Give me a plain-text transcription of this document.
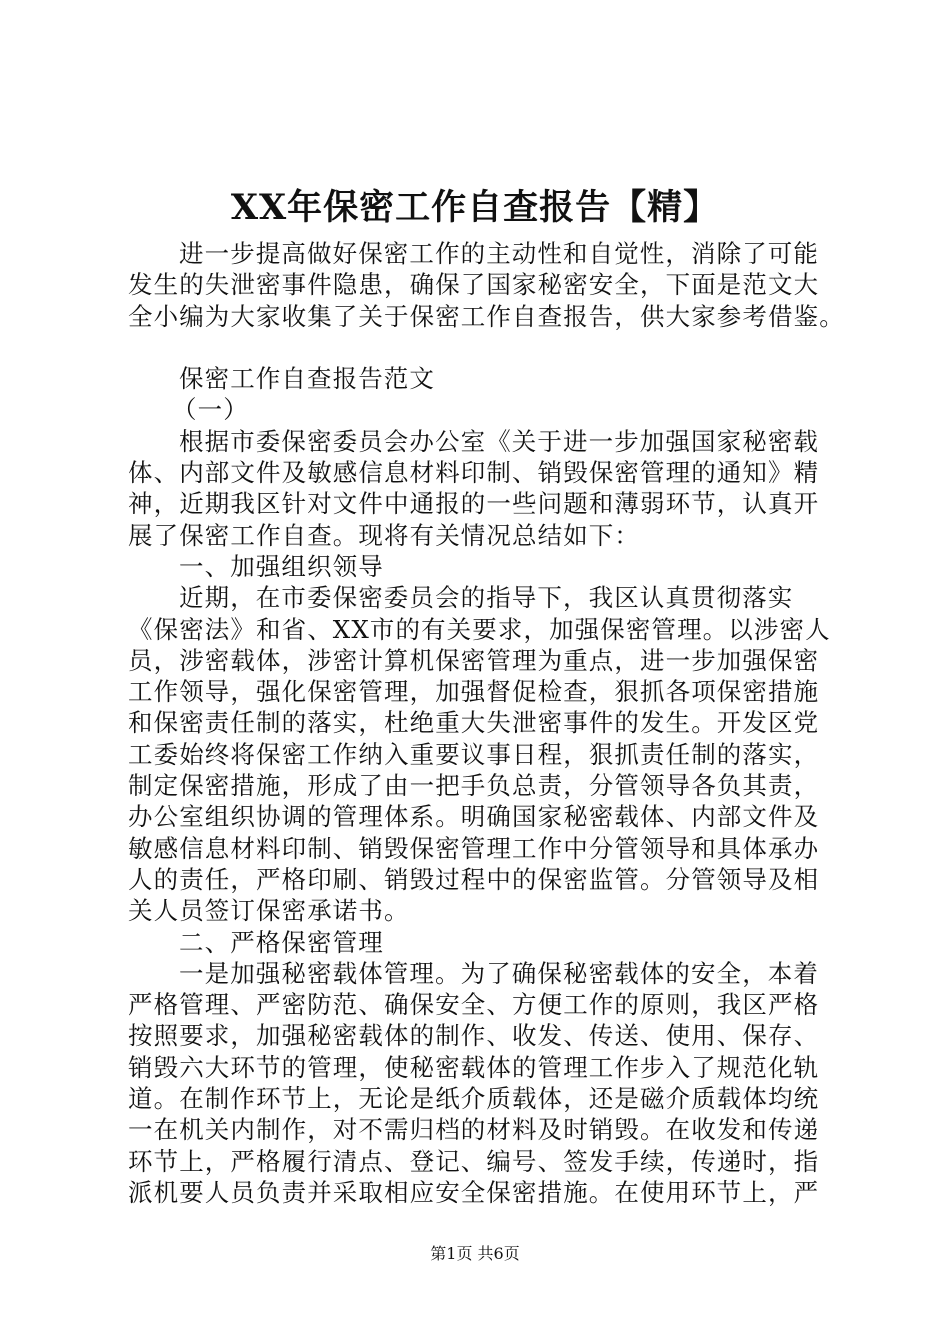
XX年保密工作自查报告【精】
进一步提高做好保密工作的主动性和自觉性，消除了可能
发生的失泄密事件隐患，确保了国家秘密安全，下面是范文大
全小编为大家收集了关于保密工作自查报告，供大家参考借鉴。
保密工作自查报告范文
（一）
根据市委保密委员会办公室《关于进一步加强国家秘密载
体、内部文件及敏感信息材料印制、销毁保密管理的通知》精
神，近期我区针对文件中通报的一些问题和薄弱环节，认真开
展了保密工作自查。现将有关情况总结如下：
一、加强组织领导
近期，在市委保密委员会的指导下，我区认真贯彻落实
《保密法》和省、XX市的有关要求，加强保密管理。以涉密人
员，涉密载体，涉密计算机保密管理为重点，进一步加强保密
工作领导，强化保密管理，加强督促检查，狠抓各项保密措施
和保密责任制的落实，杜绝重大失泄密事件的发生。开发区党
工委始终将保密工作纳入重要议事日程，狠抓责任制的落实，
制定保密措施，形成了由一把手负总责，分管领导各负其责，
办公室组织协调的管理体系。明确国家秘密载体、内部文件及
敏感信息材料印制、销毁保密管理工作中分管领导和具体承办
人的责任，严格印刷、销毁过程中的保密监管。分管领导及相
关人员签订保密承诺书。
二、严格保密管理
一是加强秘密载体管理。为了确保秘密载体的安全，本着
严格管理、严密防范、确保安全、方便工作的原则，我区严格
按照要求，加强秘密载体的制作、收发、传送、使用、保存、
销毁六大环节的管理，使秘密载体的管理工作步入了规范化轨
道。在制作环节上，无论是纸介质载体，还是磁介质载体均统
一在机关内制作，对不需归档的材料及时销毁。在收发和传递
环节上，严格履行清点、登记、编号、签发手续，传递时，指
派机要人员负责并采取相应安全保密措施。在使用环节上，严
第1页 共6页
